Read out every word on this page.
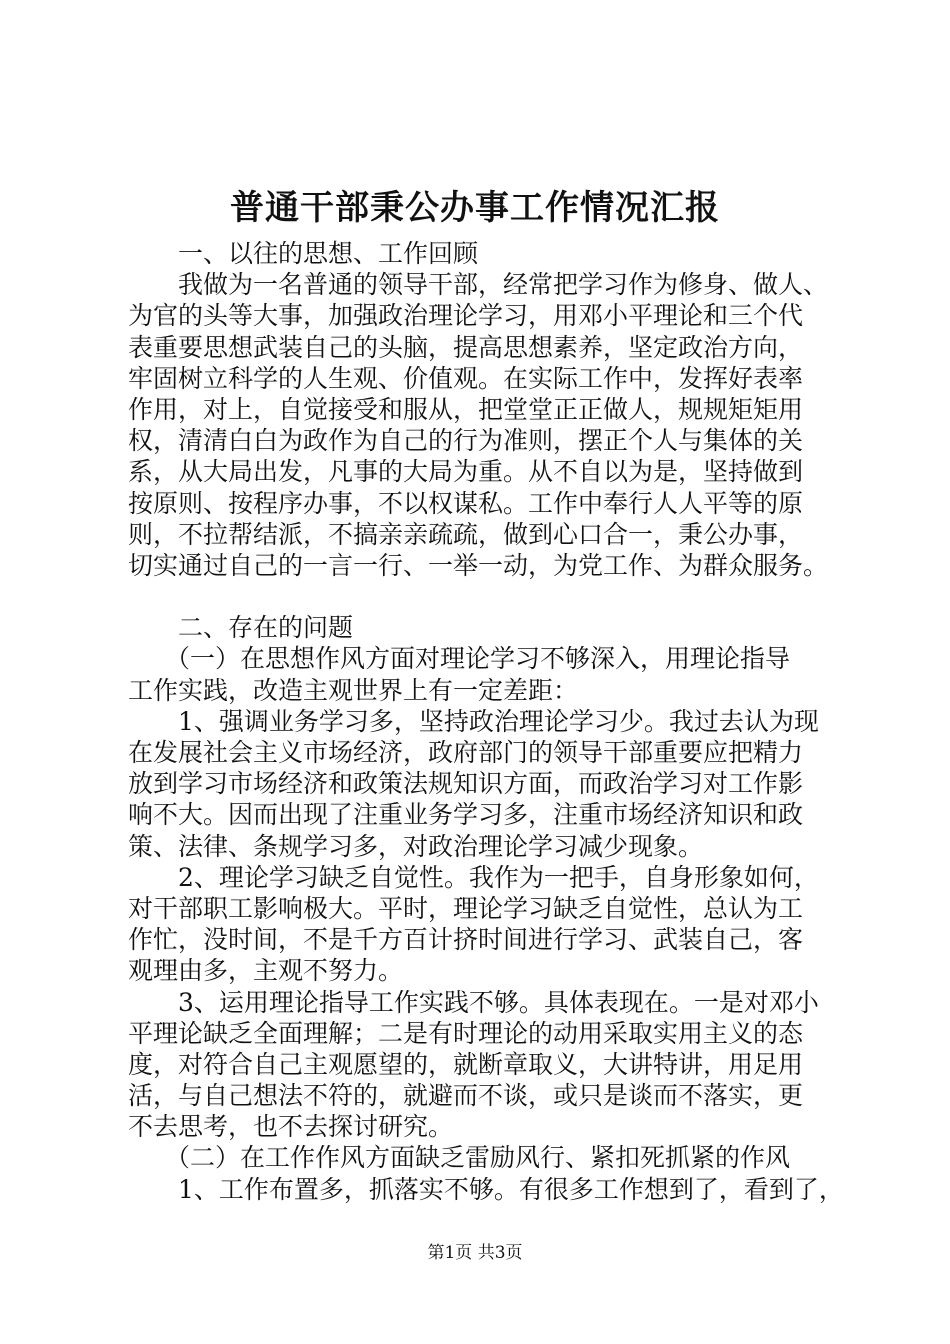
普通干部秉公办事工作情况汇报
一、以往的思想、工作回顾
我做为一名普通的领导干部，经常把学习作为修身、做人、
为官的头等大事，加强政治理论学习，用邓小平理论和三个代
表重要思想武装自己的头脑，提高思想素养，坚定政治方向，
牢固树立科学的人生观、价值观。在实际工作中，发挥好表率
作用，对上，自觉接受和服从，把堂堂正正做人，规规矩矩用
权，清清白白为政作为自己的行为准则，摆正个人与集体的关
系，从大局出发，凡事的大局为重。从不自以为是，坚持做到
按原则、按程序办事，不以权谋私。工作中奉行人人平等的原
则，不拉帮结派，不搞亲亲疏疏，做到心口合一，秉公办事，
切实通过自己的一言一行、一举一动，为党工作、为群众服务。
二、存在的问题
（一）在思想作风方面对理论学习不够深入，用理论指导
工作实践，改造主观世界上有一定差距：
1、强调业务学习多，坚持政治理论学习少。我过去认为现
在发展社会主义市场经济，政府部门的领导干部重要应把精力
放到学习市场经济和政策法规知识方面，而政治学习对工作影
响不大。因而出现了注重业务学习多，注重市场经济知识和政
策、法律、条规学习多，对政治理论学习减少现象。
2、理论学习缺乏自觉性。我作为一把手，自身形象如何，
对干部职工影响极大。平时，理论学习缺乏自觉性，总认为工
作忙，没时间，不是千方百计挤时间进行学习、武装自己，客
观理由多，主观不努力。
3、运用理论指导工作实践不够。具体表现在。一是对邓小
平理论缺乏全面理解；二是有时理论的动用采取实用主义的态
度，对符合自己主观愿望的，就断章取义，大讲特讲，用足用
活，与自己想法不符的，就避而不谈，或只是谈而不落实，更
不去思考，也不去探讨研究。
（二）在工作作风方面缺乏雷励风行、紧扣死抓紧的作风
1、工作布置多，抓落实不够。有很多工作想到了，看到了，
第1页 共3页
